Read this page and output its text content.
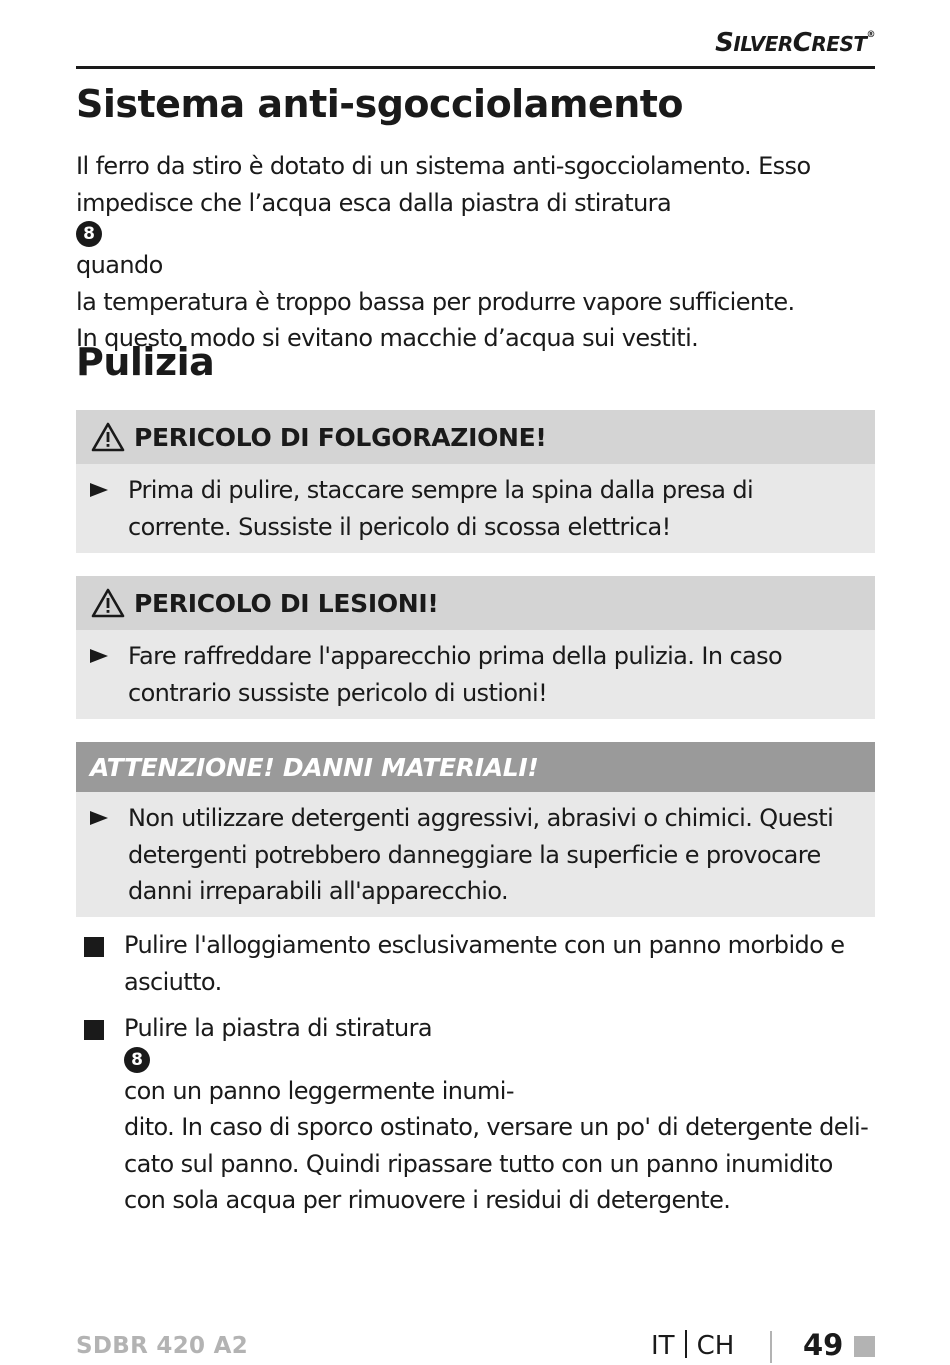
SILVERCREST®
Sistema anti-sgocciolamento

Il ferro da stiro è dotato di un sistema anti-sgocciolamento. Esso
impedisce che l’acqua esca dalla piastra di stiratura
8
quando
la temperatura è troppo bassa per produrre vapore sufficiente.
In questo modo si evitano macchie d’acqua sui vestiti.

Pulizia
PERICOLO DI FOLGORAZIONE!
Prima di pulire, staccare sempre la spina dalla presa di
corrente. Sussiste il pericolo di scossa elettrica!
PERICOLO DI LESIONI!
Fare raffreddare l'apparecchio prima della pulizia. In caso
contrario sussiste pericolo di ustioni!
ATTENZIONE! DANNI MATERIALI!
Non utilizzare detergenti aggressivi, abrasivi o chimici. Questi
detergenti potrebbero danneggiare la superficie e provocare
danni irreparabili all'apparecchio.
Pulire l'alloggiamento esclusivamente con un panno morbido e
asciutto.
Pulire la piastra di stiratura
8
con un panno leggermente inumi-
dito. In caso di sporco ostinato, versare un po' di detergente deli-
cato sul panno. Quindi ripassare tutto con un panno inumidito
con sola acqua per rimuovere i residui di detergente.
SDBR 420 A2	IT CH 49
